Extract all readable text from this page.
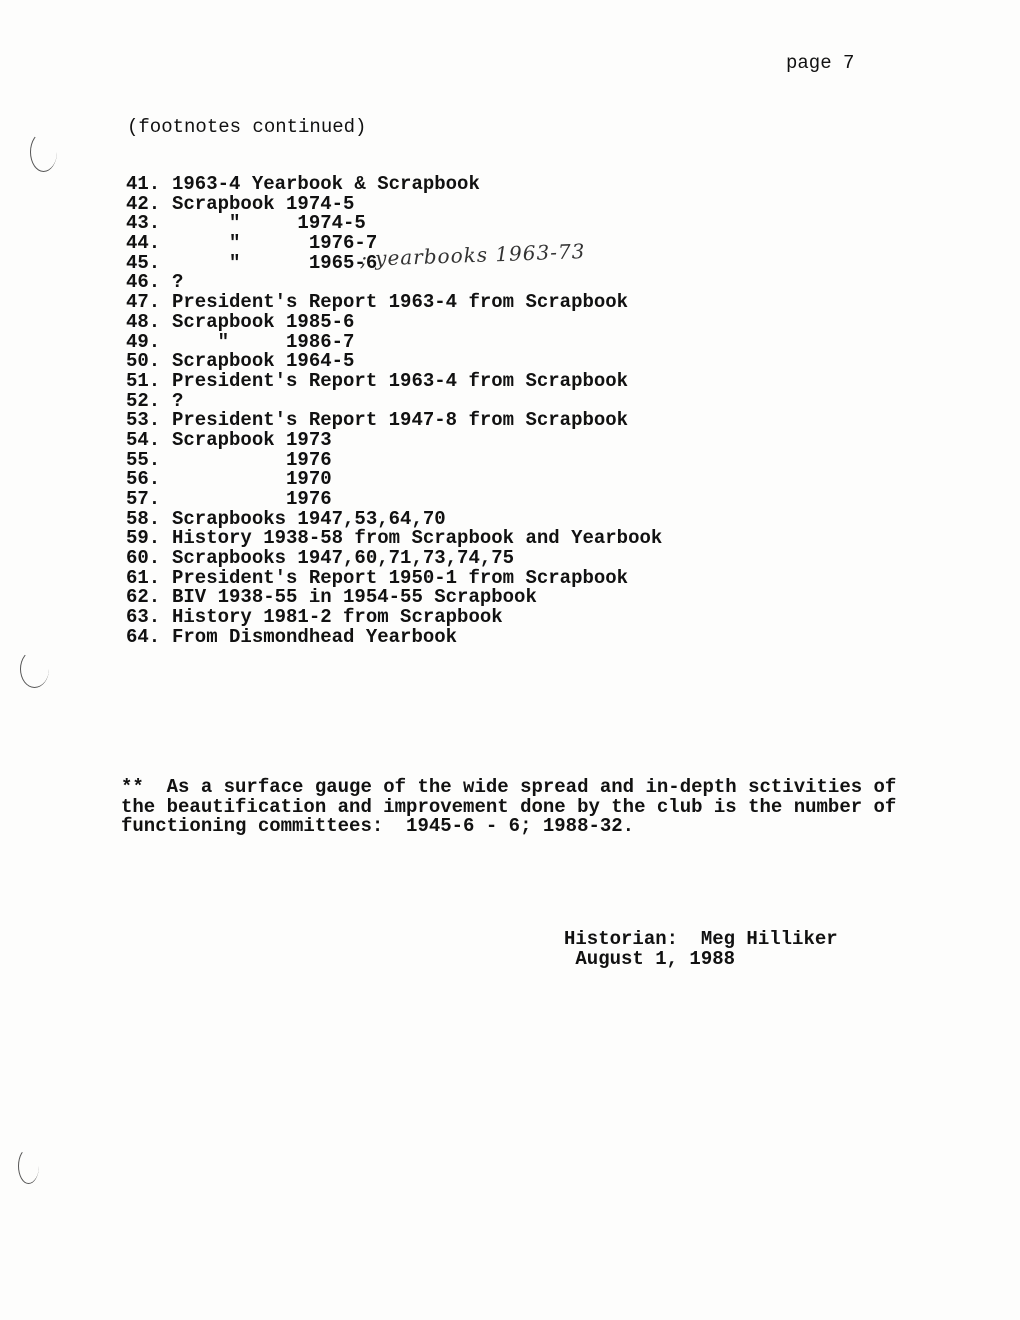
page 7
(footnotes continued)
41. 1963-4 Yearbook & Scrapbook
42. Scrapbook 1974-5
43.     "     1974-5
44.     "      1976-7
45.     "      1965-6
46. ?
47. President's Report 1963-4 from Scrapbook
48. Scrapbook 1985-6
49.    "     1986-7
50. Scrapbook 1964-5
51. President's Report 1963-4 from Scrapbook
52. ?
53. President's Report 1947-8 from Scrapbook
54. Scrapbook 1973
55.          1976
56.          1970
57.          1976
58. Scrapbooks 1947,53,64,70
59. History 1938-58 from Scrapbook and Yearbook
60. Scrapbooks 1947,60,71,73,74,75
61. President's Report 1950-1 from Scrapbook
62. BIV 1938-55 in 1954-55 Scrapbook
63. History 1981-2 from Scrapbook
64. From Dismondhead Yearbook
; yearbooks 1963-73
**  As a surface gauge of the wide spread and in-depth sctivities of
the beautification and improvement done by the club is the number of
functioning committees:  1945-6 - 6; 1988-32.
Historian:  Meg Hilliker
August 1, 1988
